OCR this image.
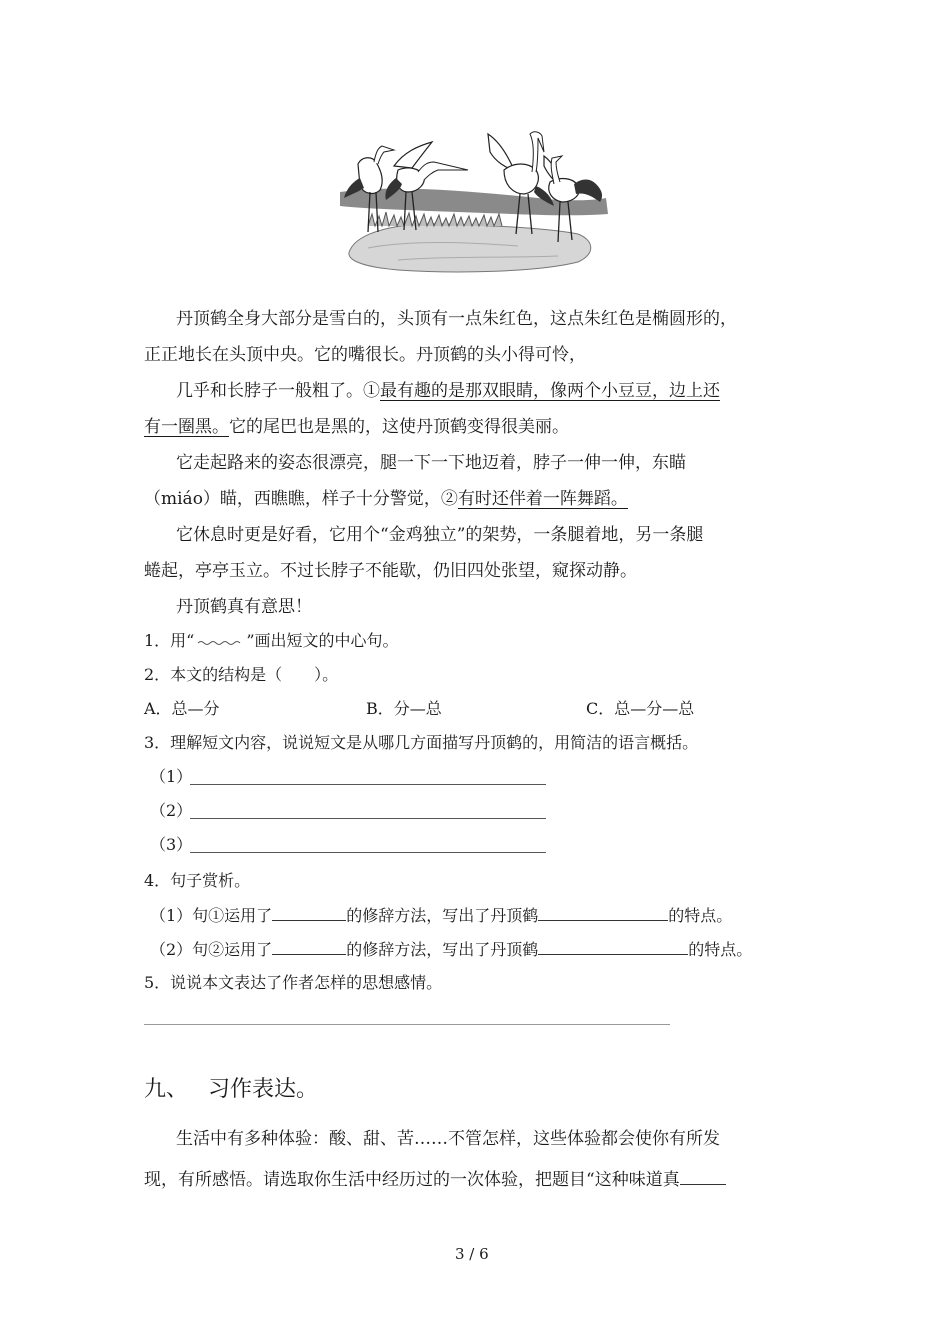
丹顶鹤全身大部分是雪白的，头顶有一点朱红色，这点朱红色是椭圆形的，
正正地长在头顶中央。它的嘴很长。丹顶鹤的头小得可怜，
几乎和长脖子一般粗了。①最有趣的是那双眼睛，像两个小豆豆，边上还
有一圈黑。它的尾巴也是黑的，这使丹顶鹤变得很美丽。
它走起路来的姿态很漂亮，腿一下一下地迈着，脖子一伸一伸，东瞄
（miáo）瞄，西瞧瞧，样子十分警觉，②有时还伴着一阵舞蹈。
它休息时更是好看，它用个“金鸡独立”的架势，一条腿着地，另一条腿
蜷起，亭亭玉立。不过长脖子不能歇，仍旧四处张望，窥探动静。
丹顶鹤真有意思！
1．用“	”画出短文的中心句。
2．本文的结构是（　　）。
A．总—分	B．分—总	C．总—分—总
3．理解短文内容，说说短文是从哪几方面描写丹顶鹤的，用简洁的语言概括。
（1）
（2）
（3）
4．句子赏析。
（1）句①运用了	的修辞方法，写出了丹顶鹤	的特点。
（2）句②运用了	的修辞方法，写出了丹顶鹤	的特点。
5．说说本文表达了作者怎样的思想感情。
九、 习作表达。
生活中有多种体验：酸、甜、苦……不管怎样，这些体验都会使你有所发
现，有所感悟。请选取你生活中经历过的一次体验，把题目“这种味道真
3 / 6
